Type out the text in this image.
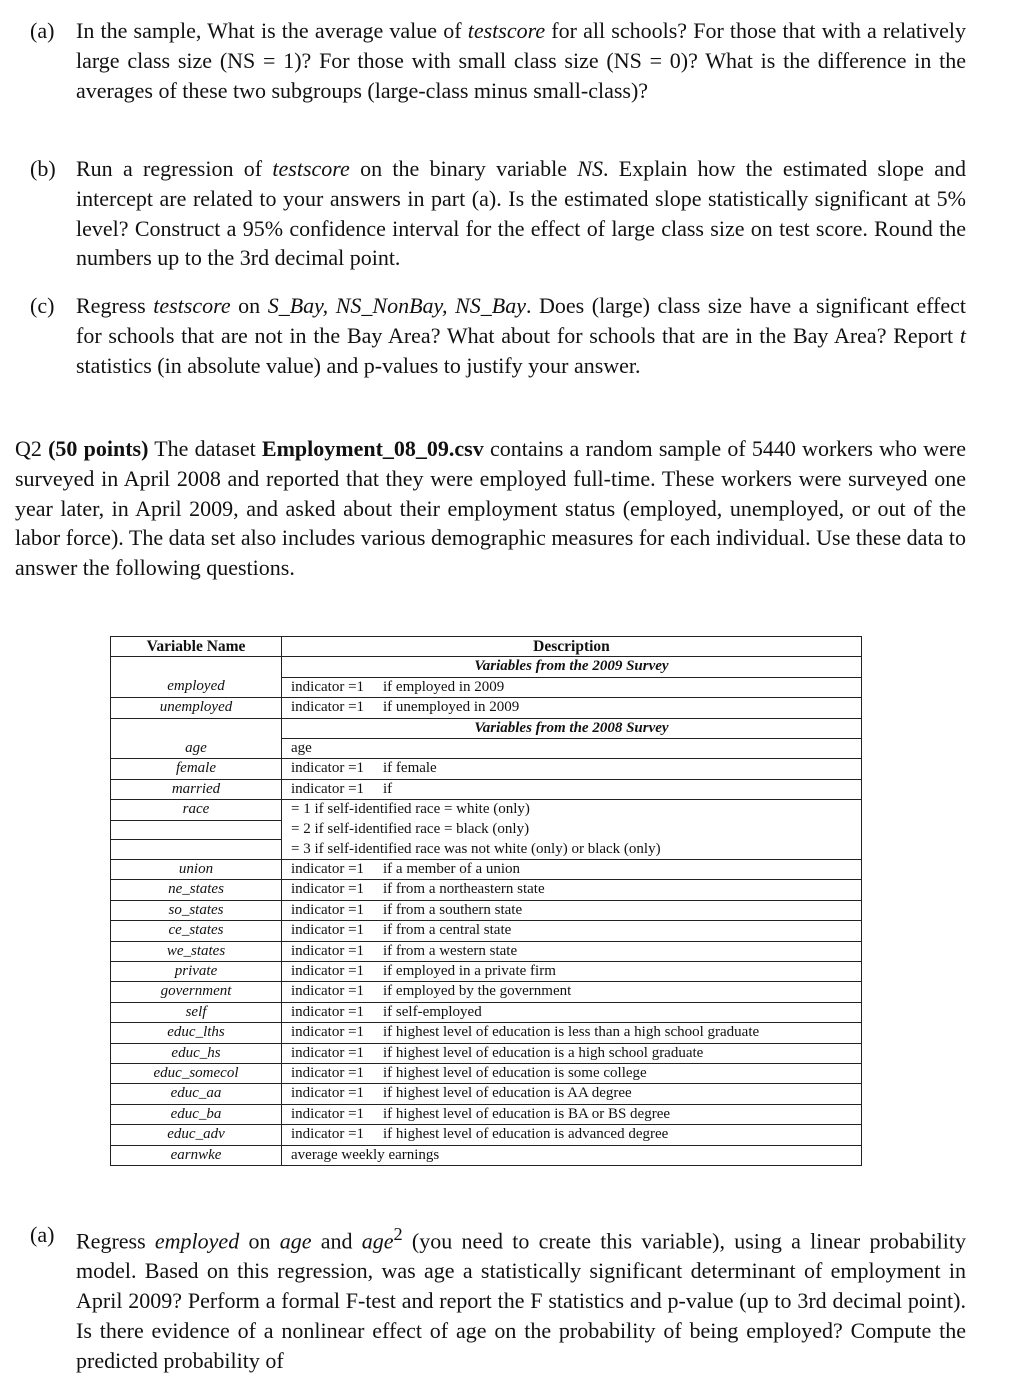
(a) In the sample, What is the average value of testscore for all schools? For those that with a relatively large class size (NS = 1)? For those with small class size (NS = 0)? What is the difference in the averages of these two subgroups (large-class minus small-class)?
(b) Run a regression of testscore on the binary variable NS. Explain how the estimated slope and intercept are related to your answers in part (a). Is the estimated slope statistically significant at 5% level? Construct a 95% confidence interval for the effect of large class size on test score. Round the numbers up to the 3rd decimal point.
(c) Regress testscore on S_Bay, NS_NonBay, NS_Bay. Does (large) class size have a significant effect for schools that are not in the Bay Area? What about for schools that are in the Bay Area? Report t statistics (in absolute value) and p-values to justify your answer.
Q2 (50 points) The dataset Employment_08_09.csv contains a random sample of 5440 workers who were surveyed in April 2008 and reported that they were employed full-time. These workers were surveyed one year later, in April 2009, and asked about their employment status (employed, unemployed, or out of the labor force). The data set also includes various demographic measures for each individual. Use these data to answer the following questions.
Variable Name	Description
	Variables from the 2009 Survey
employed	indicator =1 if employed in 2009
unemployed	indicator =1 if unemployed in 2009
	Variables from the 2008 Survey
age	age
female	indicator =1 if female
married	indicator =1 if
race	= 1 if self-identified race = white (only)
	= 2 if self-identified race = black (only)
	= 3 if self-identified race was not white (only) or black (only)
union	indicator =1 if a member of a union
ne_states	indicator =1 if from a northeastern state
so_states	indicator =1 if from a southern state
ce_states	indicator =1 if from a central state
we_states	indicator =1 if from a western state
private	indicator =1 if employed in a private firm
government	indicator =1 if employed by the government
self	indicator =1 if self-employed
educ_lths	indicator =1 if highest level of education is less than a high school graduate
educ_hs	indicator =1 if highest level of education is a high school graduate
educ_somecol	indicator =1 if highest level of education is some college
educ_aa	indicator =1 if highest level of education is AA degree
educ_ba	indicator =1 if highest level of education is BA or BS degree
educ_adv	indicator =1 if highest level of education is advanced degree
earnwke	average weekly earnings
(a) Regress employed on age and age$^2$ (you need to create this variable), using a linear probability model. Based on this regression, was age a statistically significant determinant of employment in April 2009? Perform a formal F-test and report the F statistics and p-value (up to 3rd decimal point). Is there evidence of a nonlinear effect of age on the probability of being employed? Compute the predicted probability of
